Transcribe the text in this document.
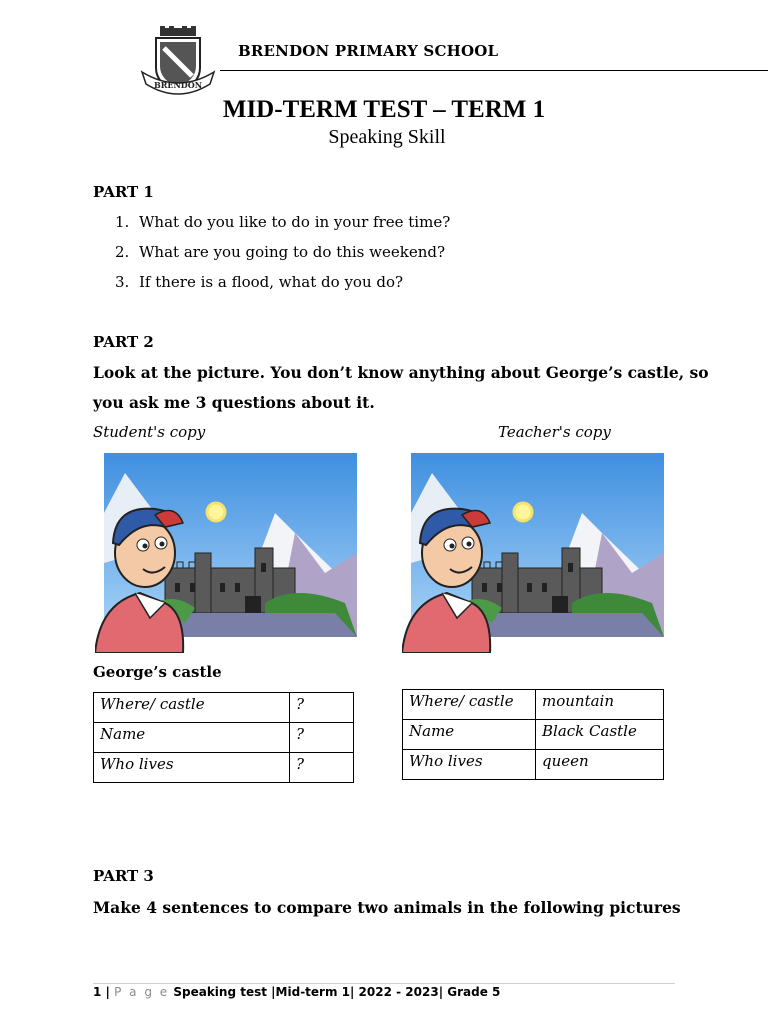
BRENDON
BRENDON PRIMARY SCHOOL
MID-TERM TEST – TERM 1
Speaking Skill
PART 1
1. What do you like to do in your free time?
2. What are you going to do this weekend?
3. If there is a flood, what do you do?
PART 2
Look at the picture. You don’t know anything about George’s castle, so
you ask me 3 questions about it.
Student's copy	Teacher's copy
George’s castle
Where/ castle	?
Name	?
Who lives	?
Where/ castle	mountain
Name	Black Castle
Who lives	queen
PART 3
Make 4 sentences to compare two animals in the following pictures
1 | P a g e Speaking test |Mid-term 1| 2022 - 2023| Grade 5
